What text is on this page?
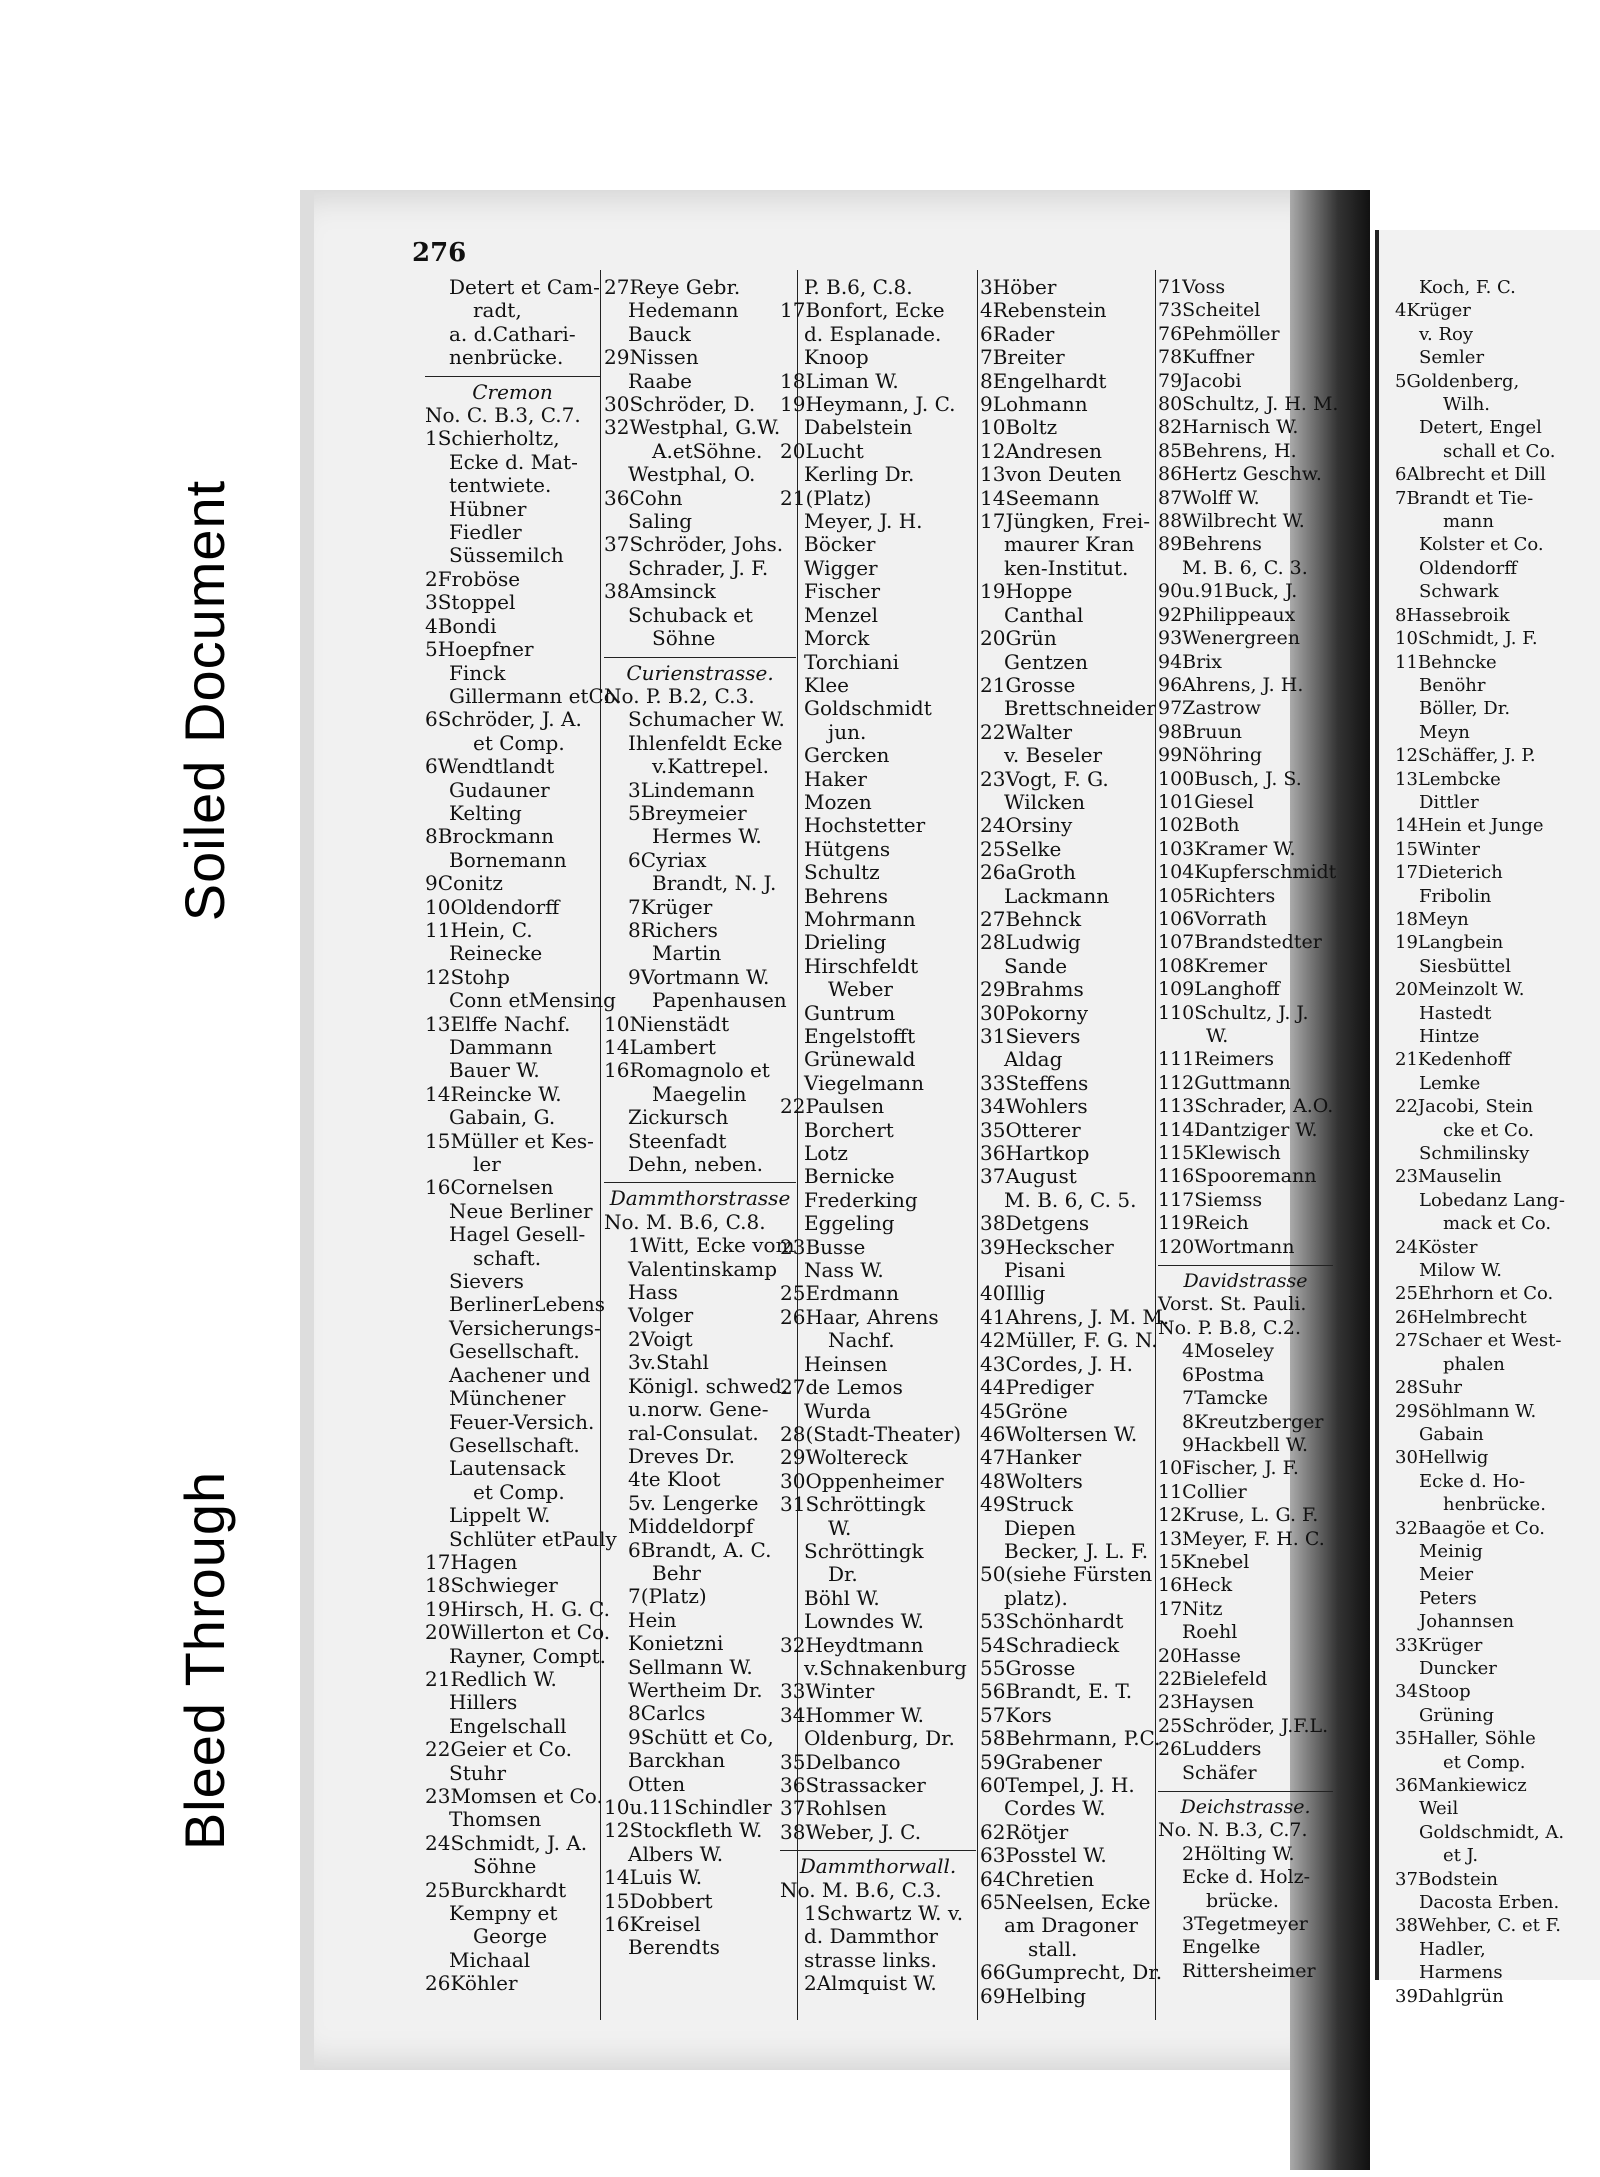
Soiled Document
Bleed Through
276
Detert et Cam-
radt,
a. d.Cathari-
nenbrücke.
Cremon
No. C. B.3, C.7.
1Schierholtz,
Ecke d. Mat-
tentwiete.
Hübner
Fiedler
Süssemilch
2Froböse
3Stoppel
4Bondi
5Hoepfner
Finck
Gillermann etCo.
6Schröder, J. A.
et Comp.
6Wendtlandt
Gudauner
Kelting
8Brockmann
Bornemann
9Conitz
10Oldendorff
11Hein, C.
Reinecke
12Stohp
Conn etMensing
13Elffe Nachf.
Dammann
Bauer W.
14Reincke W.
Gabain, G.
15Müller et Kes-
ler
16Cornelsen
Neue Berliner
Hagel Gesell-
schaft.
Sievers
BerlinerLebens
Versicherungs-
Gesellschaft.
Aachener und
Münchener
Feuer-Versich.
Gesellschaft.
Lautensack
et Comp.
Lippelt W.
Schlüter etPauly
17Hagen
18Schwieger
19Hirsch, H. G. C.
20Willerton et Co.
Rayner, Compt.
21Redlich W.
Hillers
Engelschall
22Geier et Co.
Stuhr
23Momsen et Co.
Thomsen
24Schmidt, J. A.
Söhne
25Burckhardt
Kempny et
George
Michaal
26Köhler
27Reye Gebr.
Hedemann
Bauck
29Nissen
Raabe
30Schröder, D.
32Westphal, G.W.
A.etSöhne.
Westphal, O.
36Cohn
Saling
37Schröder, Johs.
Schrader, J. F.
38Amsinck
Schuback et
Söhne
Curienstrasse.
No. P. B.2, C.3.
Schumacher W.
Ihlenfeldt Ecke
v.Kattrepel.
3Lindemann
5Breymeier
Hermes W.
6Cyriax
Brandt, N. J.
7Krüger
8Richers
Martin
9Vortmann W.
Papenhausen
10Nienstädt
14Lambert
16Romagnolo et
Maegelin
Zickursch
Steenfadt
Dehn, neben.
Dammthorstrasse
No. M. B.6, C.8.
1Witt, Ecke vom
Valentinskamp
Hass
Volger
2Voigt
3v.Stahl
Königl. schwed.
u.norw. Gene-
ral-Consulat.
Dreves Dr.
4te Kloot
5v. Lengerke
Middeldorpf
6Brandt, A. C.
Behr
7(Platz)
Hein
Konietzni
Sellmann W.
Wertheim Dr.
8Carlcs
9Schütt et Co,
Barckhan
Otten
10u.11Schindler
12Stockfleth W.
Albers W.
14Luis W.
15Dobbert
16Kreisel
Berendts
P. B.6, C.8.
17Bonfort, Ecke
d. Esplanade.
Knoop
18Liman W.
19Heymann, J. C.
Dabelstein
20Lucht
Kerling Dr.
21(Platz)
Meyer, J. H.
Böcker
Wigger
Fischer
Menzel
Morck
Torchiani
Klee
Goldschmidt
jun.
Gercken
Haker
Mozen
Hochstetter
Hütgens
Schultz
Behrens
Mohrmann
Drieling
Hirschfeldt
Weber
Guntrum
Engelstofft
Grünewald
Viegelmann
22Paulsen
Borchert
Lotz
Bernicke
Frederking
Eggeling
23Busse
Nass W.
25Erdmann
26Haar, Ahrens
Nachf.
Heinsen
27de Lemos
Wurda
28(Stadt-Theater)
29Woltereck
30Oppenheimer
31Schröttingk
W.
Schröttingk
Dr.
Böhl W.
Lowndes W.
32Heydtmann
v.Schnakenburg
33Winter
34Hommer W.
Oldenburg, Dr.
35Delbanco
36Strassacker
37Rohlsen
38Weber, J. C.
Dammthorwall.
No. M. B.6, C.3.
1Schwartz W. v.
d. Dammthor
strasse links.
2Almquist W.
3Höber
4Rebenstein
6Rader
7Breiter
8Engelhardt
9Lohmann
10Boltz
12Andresen
13von Deuten
14Seemann
17Jüngken, Frei-
maurer Kran
ken-Institut.
19Hoppe
Canthal
20Grün
Gentzen
21Grosse
Brettschneider
22Walter
v. Beseler
23Vogt, F. G.
Wilcken
24Orsiny
25Selke
26aGroth
Lackmann
27Behnck
28Ludwig
Sande
29Brahms
30Pokorny
31Sievers
Aldag
33Steffens
34Wohlers
35Otterer
36Hartkop
37August
M. B. 6, C. 5.
38Detgens
39Heckscher
Pisani
40Illig
41Ahrens, J. M. M.
42Müller, F. G. N.
43Cordes, J. H.
44Prediger
45Gröne
46Woltersen W.
47Hanker
48Wolters
49Struck
Diepen
Becker, J. L. F.
50(siehe Fürsten
platz).
53Schönhardt
54Schradieck
55Grosse
56Brandt, E. T.
57Kors
58Behrmann, P.C.
59Grabener
60Tempel, J. H.
Cordes W.
62Rötjer
63Posstel W.
64Chretien
65Neelsen, Ecke
am Dragoner
stall.
66Gumprecht, Dr.
69Helbing
71Voss
73Scheitel
76Pehmöller
78Kuffner
79Jacobi
80Schultz, J. H. M.
82Harnisch W.
85Behrens, H.
86Hertz Geschw.
87Wolff W.
88Wilbrecht W.
89Behrens
M. B. 6, C. 3.
90u.91Buck, J.
92Philippeaux
93Wenergreen
94Brix
96Ahrens, J. H.
97Zastrow
98Bruun
99Nöhring
100Busch, J. S.
101Giesel
102Both
103Kramer W.
104Kupferschmidt
105Richters
106Vorrath
107Brandstedter
108Kremer
109Langhoff
110Schultz, J. J.
W.
111Reimers
112Guttmann
113Schrader, A.O.
114Dantziger W.
115Klewisch
116Spooremann
117Siemss
119Reich
120Wortmann
Davidstrasse
Vorst. St. Pauli.
No. P. B.8, C.2.
4Moseley
6Postma
7Tamcke
8Kreutzberger
9Hackbell W.
10Fischer, J. F.
11Collier
12Kruse, L. G. F.
13Meyer, F. H. C.
15Knebel
16Heck
17Nitz
Roehl
20Hasse
22Bielefeld
23Haysen
25Schröder, J.F.L.
26Ludders
Schäfer
Deichstrasse.
No. N. B.3, C.7.
2Hölting W.
Ecke d. Holz-
brücke.
3Tegetmeyer
Engelke
Rittersheimer
Koch, F. C.
4Krüger
v. Roy
Semler
5Goldenberg,
Wilh.
Detert, Engel
schall et Co.
6Albrecht et Dill
7Brandt et Tie-
mann
Kolster et Co.
Oldendorff
Schwark
8Hassebroik
10Schmidt, J. F.
11Behncke
Benöhr
Böller, Dr.
Meyn
12Schäffer, J. P.
13Lembcke
Dittler
14Hein et Junge
15Winter
17Dieterich
Fribolin
18Meyn
19Langbein
Siesbüttel
20Meinzolt W.
Hastedt
Hintze
21Kedenhoff
Lemke
22Jacobi, Stein
cke et Co.
Schmilinsky
23Mauselin
Lobedanz Lang-
mack et Co.
24Köster
Milow W.
25Ehrhorn et Co.
26Helmbrecht
27Schaer et West-
phalen
28Suhr
29Söhlmann W.
Gabain
30Hellwig
Ecke d. Ho-
henbrücke.
32Baagöe et Co.
Meinig
Meier
Peters
Johannsen
33Krüger
Duncker
34Stoop
Grüning
35Haller, Söhle
et Comp.
36Mankiewicz
Weil
Goldschmidt, A.
et J.
37Bodstein
Dacosta Erben.
38Wehber, C. et F.
Hadler,
Harmens
39Dahlgrün
